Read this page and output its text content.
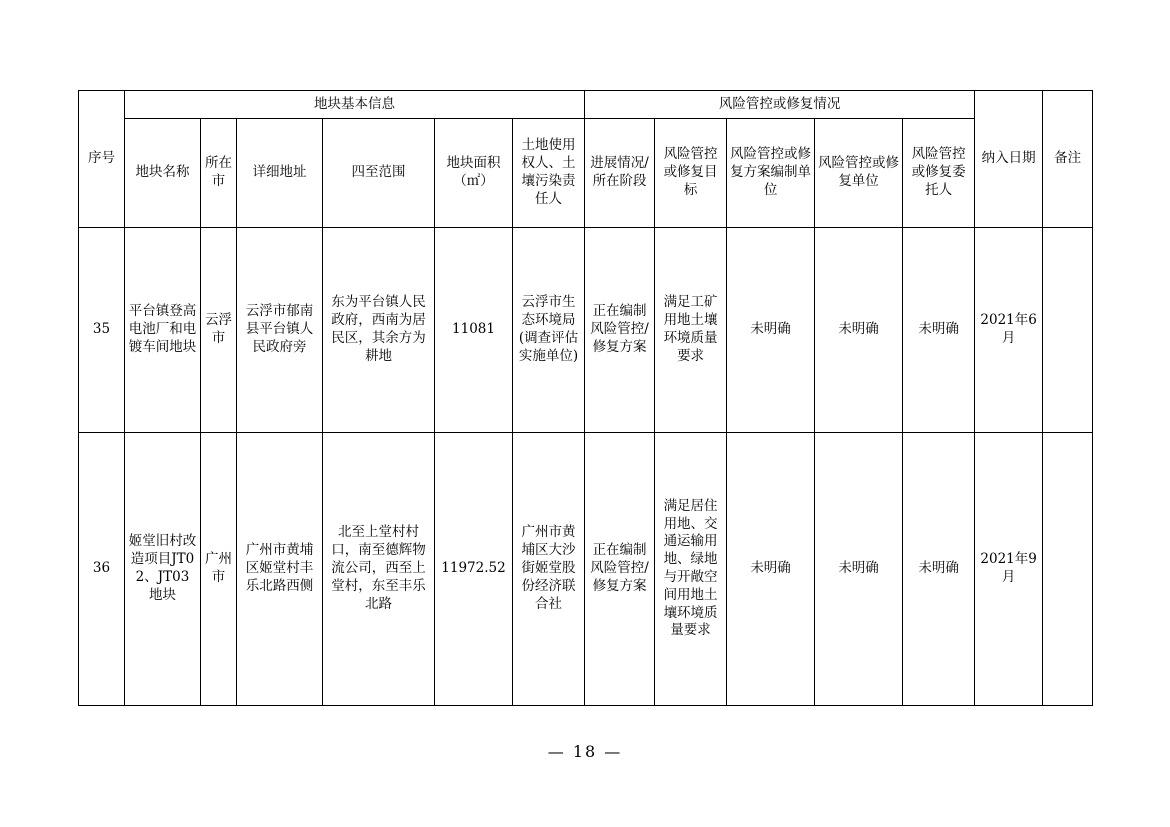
序号	地块基本信息						风险管控或修复情况					纳入日期	备注
	地块名称	所在市	详细地址	四至范围	地块面积（㎡）	土地使用权人、土壤污染责任人	进展情况/所在阶段	风险管控或修复目标	风险管控或修复方案编制单位	风险管控或修复单位	风险管控或修复委托人		
35	平台镇登高电池厂和电镀车间地块	云浮市	云浮市郁南县平台镇人民政府旁	东为平台镇人民政府，西南为居民区，其余方为耕地	11081	云浮市生态环境局(调查评估实施单位)	正在编制风险管控/修复方案	满足工矿用地土壤环境质量要求	未明确	未明确	未明确	2021年6月	
36	姬堂旧村改造项目JT02、JT03 地块	广州市	广州市黄埔区姬堂村丰乐北路西侧	北至上堂村村口，南至德辉物流公司，西至上堂村，东至丰乐北路	11972.52	广州市黄埔区大沙街姬堂股份经济联合社	正在编制风险管控/修复方案	满足居住用地、交通运输用地、绿地与开敞空间用地土壤环境质量要求	未明确	未明确	未明确	2021年9月	
— 18 —
